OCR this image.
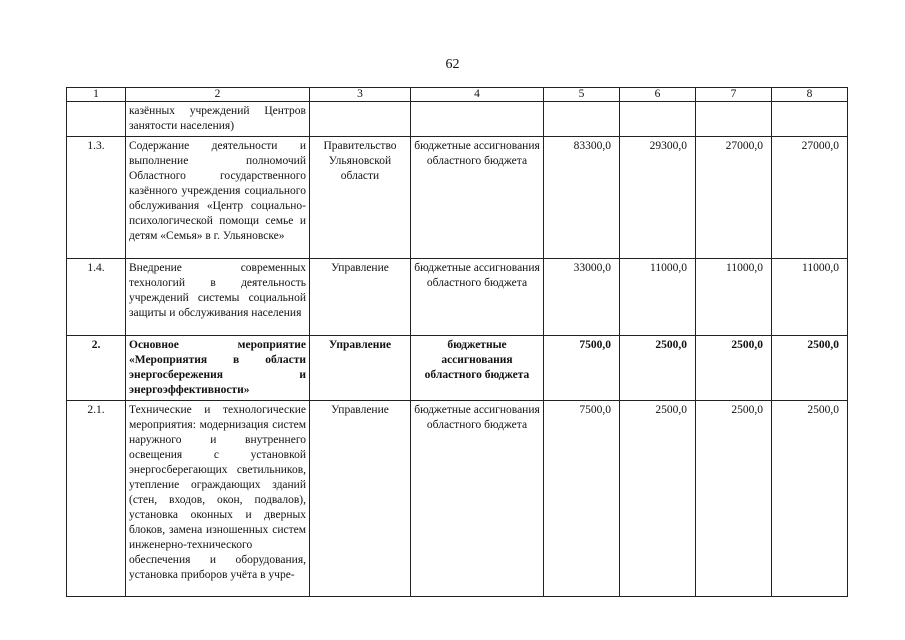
62
1	2	3	4	5	6	7	8
	казённых учреждений Центров занятости населения)						
1.3.	Содержание деятельности и выполнение полномочий Областного государственного казённого учреждения социального обслуживания «Центр социально-психологической помощи семье и детям «Семья» в г. Ульяновске»	Правительство Ульяновской области	бюджетные ассигнования областного бюджета	83300,0	29300,0	27000,0	27000,0
1.4.	Внедрение современных технологий в деятельность учреждений системы социальной защиты и обслуживания населения	Управление	бюджетные ассигнования областного бюджета	33000,0	11000,0	11000,0	11000,0
2.	Основное мероприятие «Мероприятия в области энергосбережения и энергоэффективности»	Управление	бюджетные ассигнования областного бюджета	7500,0	2500,0	2500,0	2500,0
2.1.	Технические и технологические мероприятия: модернизация систем наружного и внутреннего освещения с установкой энергосберегающих светильников, утепление ограждающих зданий (стен, входов, окон, подвалов), установка оконных и дверных блоков, замена изношенных систем инженерно-технического обеспечения и оборудования, установка приборов учёта в учре-	Управление	бюджетные ассигнования областного бюджета	7500,0	2500,0	2500,0	2500,0
